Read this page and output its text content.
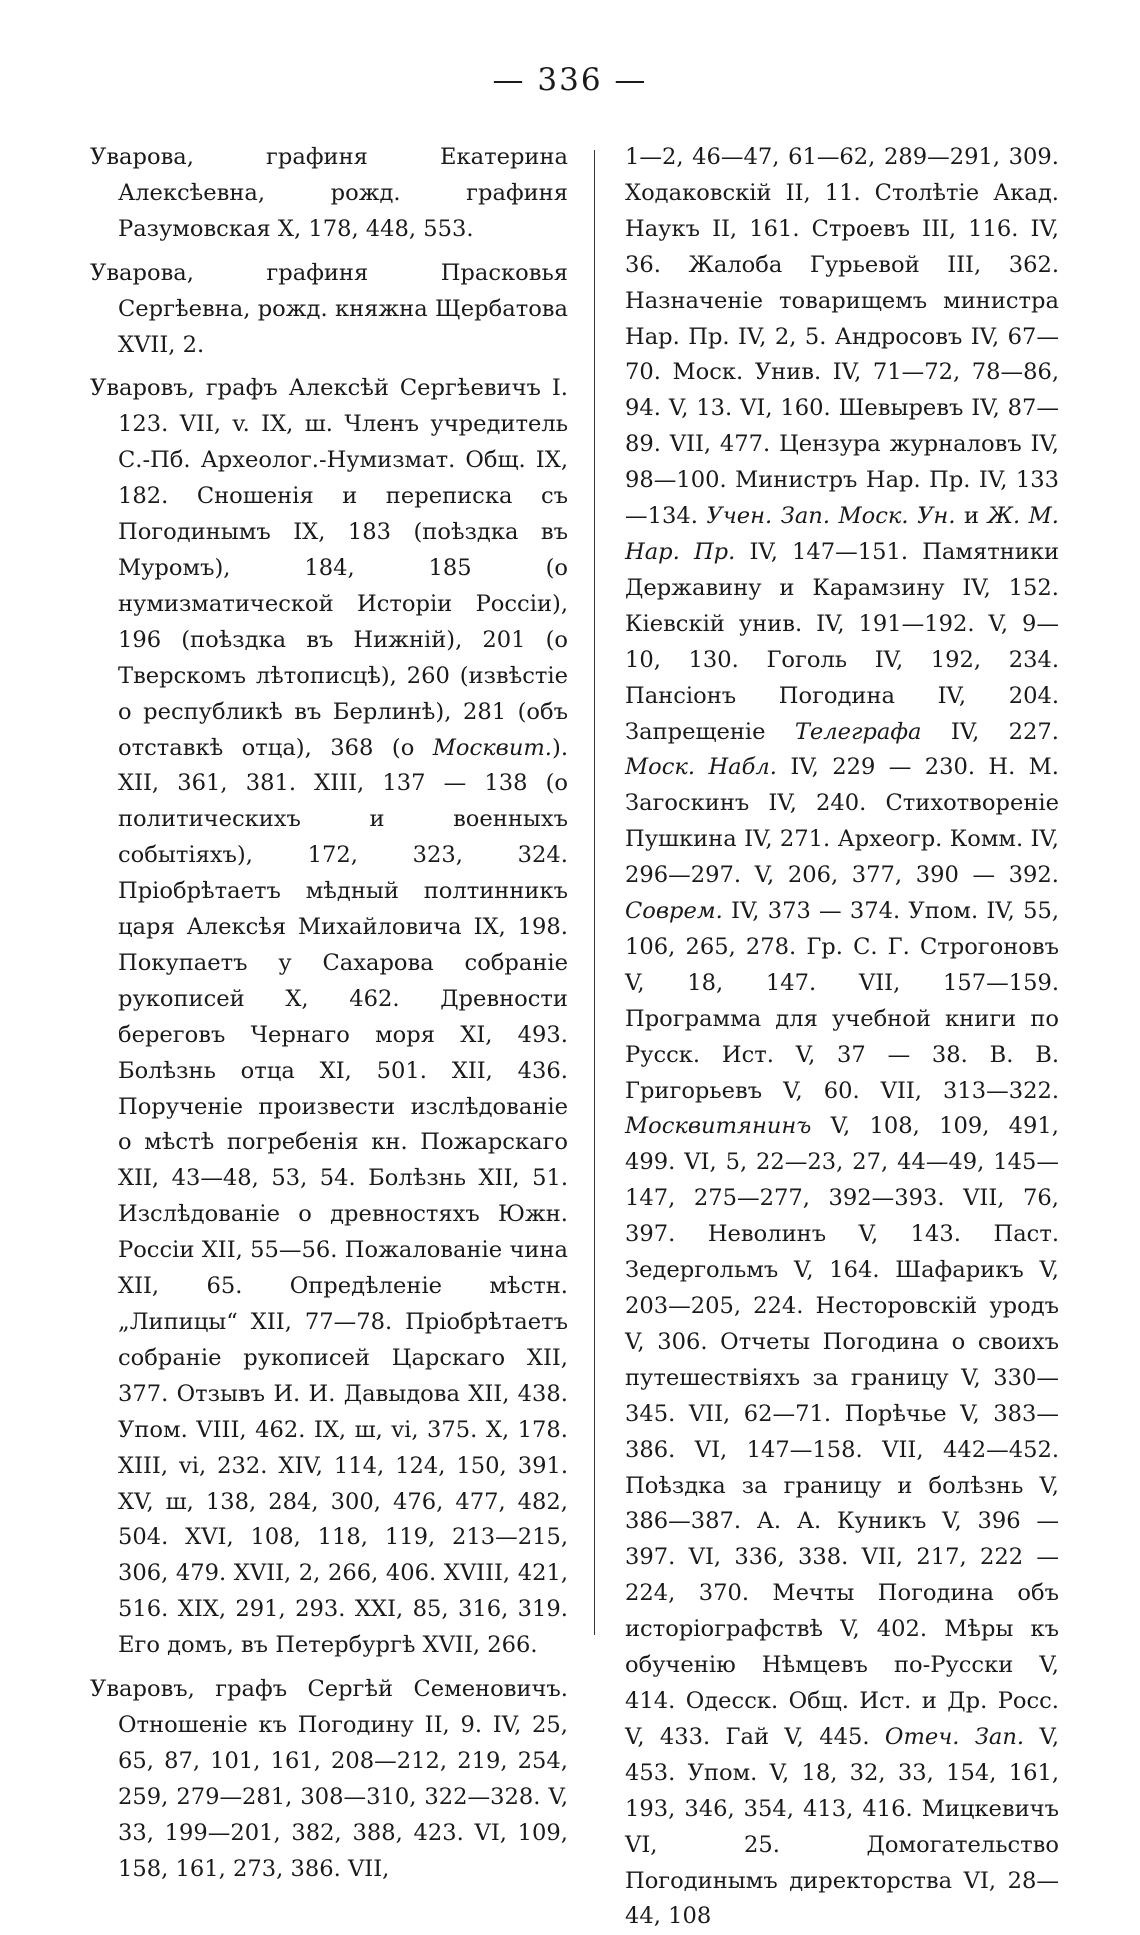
— 336 —

Уварова, графиня Екатерина Алексѣевна, рожд. графиня Разумовская X, 178, 448, 553.

Уварова, графиня Прасковья Сергѣевна, рожд. княжна Щербатова XVII, 2.

Уваровъ, графъ Алексѣй Сергѣевичъ I. 123. VII, v. IX, ш. Членъ учредитель С.-Пб. Археолог.-Нумизмат. Общ. IX, 182. Сношенія и переписка съ Погодинымъ IX, 183 (поѣздка въ Муромъ), 184, 185 (о нумизматической Исторіи Россіи), 196 (поѣздка въ Нижній), 201 (о Тверскомъ лѣтописцѣ), 260 (извѣстіе о республикѣ въ Берлинѣ), 281 (объ отставкѣ отца), 368 (о Москвит.). XII, 361, 381. XIII, 137 — 138 (о политическихъ и военныхъ событіяхъ), 172, 323, 324. Пріобрѣтаетъ мѣдный полтинникъ царя Алексѣя Михайловича IX, 198. Покупаетъ у Сахарова собраніе рукописей X, 462. Древности береговъ Чернаго моря XI, 493. Болѣзнь отца XI, 501. XII, 436. Порученіе произвести изслѣдованіе о мѣстѣ погребенія кн. Пожарскаго XII, 43—48, 53, 54. Болѣзнь XII, 51. Изслѣдованіе о древностяхъ Южн. Россіи XII, 55—56. Пожалованіе чина XII, 65. Опредѣленіе мѣстн. „Липицы“ XII, 77—78. Пріобрѣтаетъ собраніе рукописей Царскаго XII, 377. Отзывъ И. И. Давыдова XII, 438. Упом. VIII, 462. IX, ш, vi, 375. X, 178. XIII, vi, 232. XIV, 114, 124, 150, 391. XV, ш, 138, 284, 300, 476, 477, 482, 504. XVI, 108, 118, 119, 213—215, 306, 479. XVII, 2, 266, 406. XVIII, 421, 516. XIX, 291, 293. XXI, 85, 316, 319. Его домъ, въ Петербургѣ XVII, 266.

Уваровъ, графъ Сергѣй Семеновичъ. Отношеніе къ Погодину II, 9. IV, 25, 65, 87, 101, 161, 208—212, 219, 254, 259, 279—281, 308—310, 322—328. V, 33, 199—201, 382, 388, 423. VI, 109, 158, 161, 273, 386. VII,

1—2, 46—47, 61—62, 289—291, 309. Ходаковскій II, 11. Столѣтіе Акад. Наукъ II, 161. Строевъ III, 116. IV, 36. Жалоба Гурьевой III, 362. Назначеніе товарищемъ министра Нар. Пр. IV, 2, 5. Андросовъ IV, 67—70. Моск. Унив. IV, 71—72, 78—86, 94. V, 13. VI, 160. Шевыревъ IV, 87—89. VII, 477. Цензура журналовъ IV, 98—100. Министръ Нар. Пр. IV, 133—134. Учен. Зап. Моск. Ун. и Ж. М. Нар. Пр. IV, 147—151. Памятники Державину и Карамзину IV, 152. Кіевскій унив. IV, 191—192. V, 9—10, 130. Гоголь IV, 192, 234. Пансіонъ Погодина IV, 204. Запрещеніе Телеграфа IV, 227. Моск. Набл. IV, 229 — 230. Н. М. Загоскинъ IV, 240. Стихотвореніе Пушкина IV, 271. Археогр. Комм. IV, 296—297. V, 206, 377, 390 — 392. Соврем. IV, 373 — 374. Упом. IV, 55, 106, 265, 278. Гр. С. Г. Строгоновъ V, 18, 147. VII, 157—159. Программа для учебной книги по Русск. Ист. V, 37 — 38. В. В. Григорьевъ V, 60. VII, 313—322. Москвитянинъ V, 108, 109, 491, 499. VI, 5, 22—23, 27, 44—49, 145—147, 275—277, 392—393. VII, 76, 397. Неволинъ V, 143. Паст. Зедергольмъ V, 164. Шафарикъ V, 203—205, 224. Несторовскій уродъ V, 306. Отчеты Погодина о своихъ путешествіяхъ за границу V, 330—345. VII, 62—71. Порѣчье V, 383—386. VI, 147—158. VII, 442—452. Поѣздка за границу и болѣзнь V, 386—387. А. А. Куникъ V, 396 — 397. VI, 336, 338. VII, 217, 222 — 224, 370. Мечты Погодина объ исторіографствѣ V, 402. Мѣры къ обученію Нѣмцевъ по-Русски V, 414. Одесск. Общ. Ист. и Др. Росс. V, 433. Гай V, 445. Отеч. Зап. V, 453. Упом. V, 18, 32, 33, 154, 161, 193, 346, 354, 413, 416. Мицкевичъ VI, 25. Домогательство Погодинымъ директорства VI, 28—44, 108
